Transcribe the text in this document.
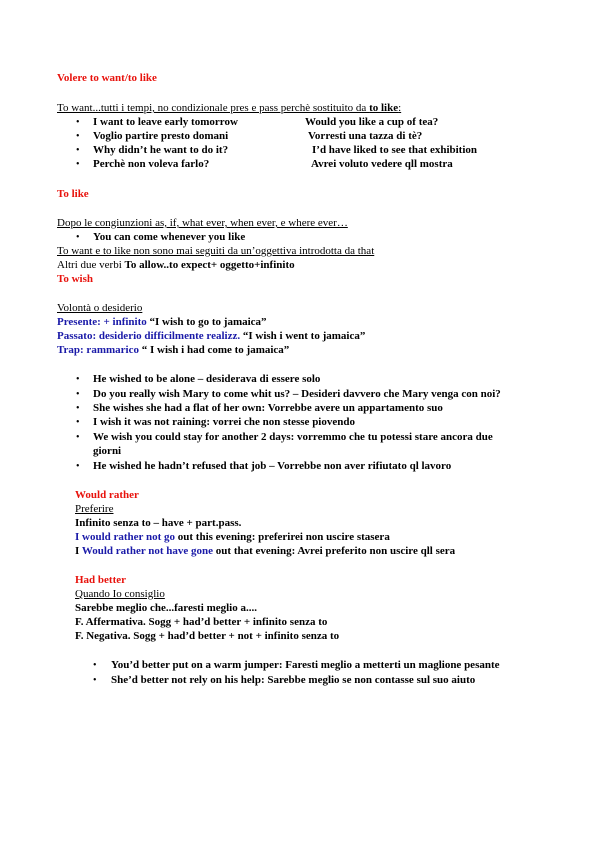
Volere to want/to like
To want...tutti i tempi, no condizionale pres e pass perchè sostituito da to like:
• I want to leave early tomorrow	Would you like a cup of tea?
• Voglio partire presto domani	Vorresti una tazza di tè?
• Why didn’t he want to do it?	I’d have liked to see that exhibition
• Perchè non voleva farlo?	Avrei voluto vedere qll mostra
To like
Dopo le congiunzioni as, if, what ever, when ever, e where ever…
• You can come whenever you like
To want e to like non sono mai seguiti da un’oggettiva introdotta da that
Altri due verbi To allow..to expect+ oggetto+infinito
To wish
Volontà o desiderio
Presente: + infinito “I wish to go to jamaica”
Passato: desiderio difficilmente realizz. “I wish i went to jamaica”
Trap: rammarico “ I wish i had come to jamaica”
• He wished to be alone – desiderava di essere solo
• Do you really wish Mary to come whit us? – Desideri davvero che Mary venga con noi?
• She wishes she had a flat of her own: Vorrebbe avere un appartamento suo
• I wish it was not raining: vorrei che non stesse piovendo
• We wish you could stay for another 2 days: vorremmo che tu potessi stare ancora due
giorni
• He wished he hadn’t refused that job – Vorrebbe non aver rifiutato ql lavoro
Would rather
Preferire
Infinito senza to – have + part.pass.
I would rather not go out this evening: preferirei non uscire stasera
I Would rather not have gone out that evening: Avrei preferito non uscire qll sera
Had better
Quando Io consiglio
Sarebbe meglio che...faresti meglio a....
F. Affermativa. Sogg + had’d better + infinito senza to
F. Negativa. Sogg + had’d better + not + infinito senza to
• You’d better put on a warm jumper: Faresti meglio a metterti un maglione pesante
• She’d better not rely on his help: Sarebbe meglio se non contasse sul suo aiuto
